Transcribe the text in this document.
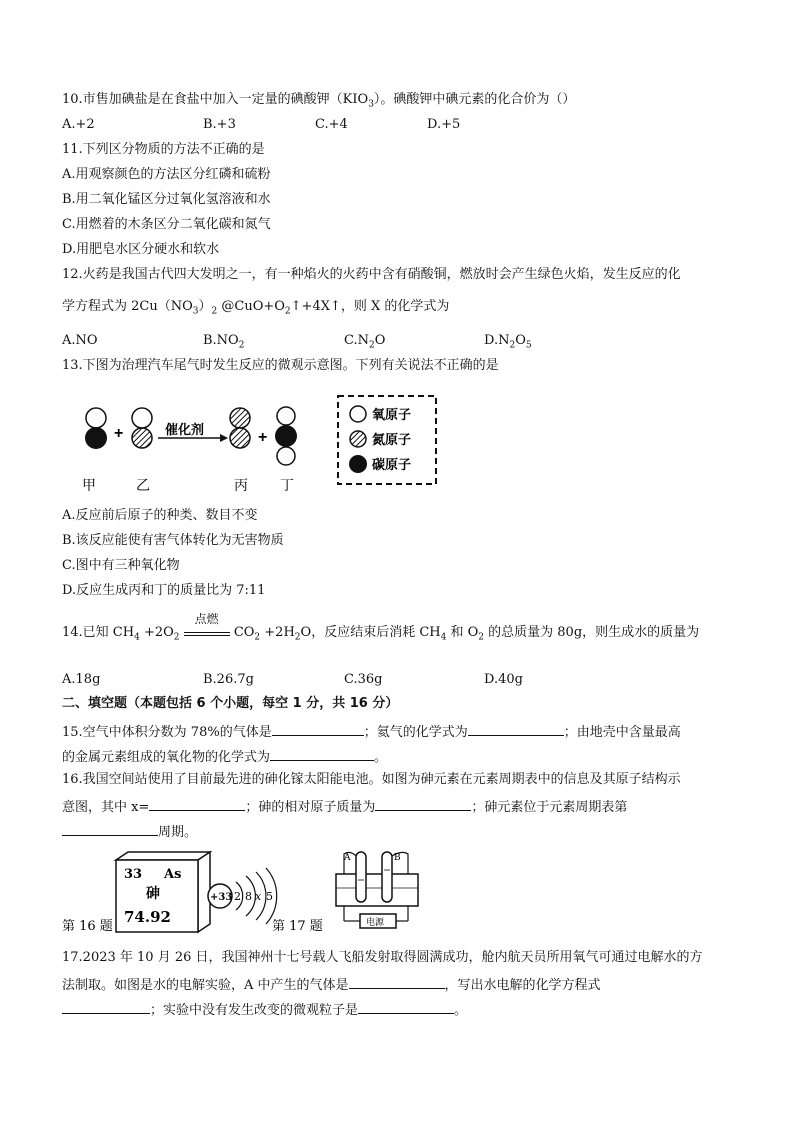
10.市售加碘盐是在食盐中加入一定量的碘酸钾$(KIO_3)$。碘酸钾中碘元素的化合价为（）
A.+2	B.+3	C.+4	D.+5
11.下列区分物质的方法不正确的是
A.用观察颜色的方法区分红磷和硫粉
B.用二氧化锰区分过氧化氢溶液和水
C.用燃着的木条区分二氧化碳和氮气
D.用肥皂水区分硬水和软水
12.火药是我国古代四大发明之一，有一种焰火的火药中含有硝酸铜，燃放时会产生绿色火焰，发生反应的化
学方程式为 $2Cu(NO_3)_2$ $@CuO+O_2↑+4X↑$，则 X 的化学式为
A.NO	$B.NO_2$	$C.N_2O$	$D.N_2O_5$
13.下图为治理汽车尾气时发生反应的微观示意图。下列有关说法不正确的是
+	催化剂	+
甲	乙	丙 丁
氧原子
氮原子
碳原子
A.反应前后原子的种类、数目不变
B.该反应能使有害气体转化为无害物质
C.图中有三种氧化物
D.反应生成丙和丁的质量比为 7:11
14.已知 $CH_4 +2O_2$
点燃
$CO_2 +2H_2O$，反应结束后消耗 $CH_4$ 和 $O_2$ 的总质量为 80g，则生成水的质量为
A.18g	B.26.7g	C.36g	D.40g
二、填空题（本题包括 6 个小题，每空 1 分，共 16 分）
15.空气中体积分数为 78%的气体是	；氦气的化学式为	；由地壳中含量最高
的金属元素组成的氧化物的化学式为	。
16.我国空间站使用了目前最先进的砷化镓太阳能电池。如图为砷元素在元素周期表中的信息及其原子结构示
意图，其中 x=	；砷的相对原子质量为	；砷元素位于元素周期表第
周期。
33 As
砷
74.92
+33 2 8 x 5
第 16 题	第 17 题
A	B
电源
17.2023 年 10 月 26 日，我国神州十七号载人飞船发射取得圆满成功，舱内航天员所用氧气可通过电解水的方
法制取。如图是水的电解实验，A 中产生的气体是	，写出水电解的化学方程式
；实验中没有发生改变的微观粒子是	。
